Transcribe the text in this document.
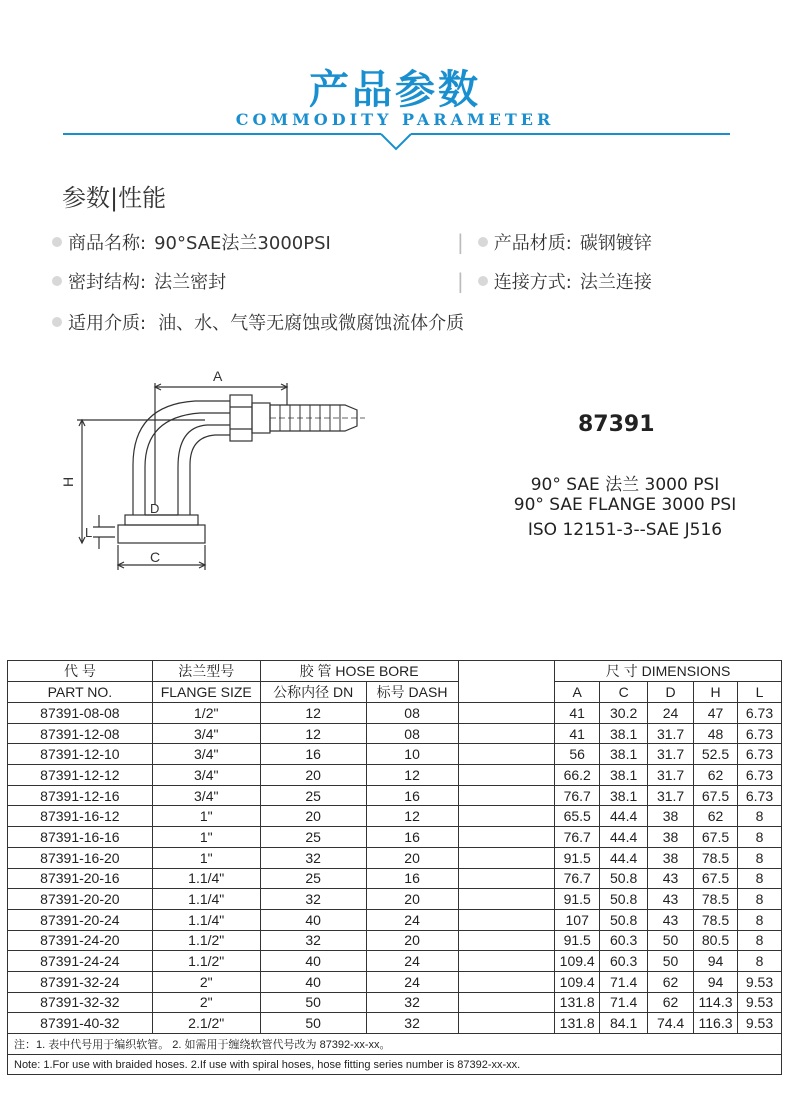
产品参数
COMMODITY PARAMETER
参数|性能
商品名称: 90°SAE法兰3000PSI	| 产品材质: 碳钢镀锌
密封结构: 法兰密封	| 连接方式: 法兰连接
适用介质: 油、水、气等无腐蚀或微腐蚀流体介质
A
H
L
D
C
87391
90° SAE 法兰 3000 PSI
90° SAE FLANGE 3000 PSI
ISO 12151-3--SAE J516
代 号	法兰型号	胶 管 HOSE BORE			尺 寸 DIMENSIONS				
PART NO.	FLANGE SIZE	公称内径 DN	标号 DASH		A	C	D	H	L
87391-08-08	1/2"	12	08		41	30.2	24	47	6.73
87391-12-08	3/4"	12	08		41	38.1	31.7	48	6.73
87391-12-10	3/4"	16	10		56	38.1	31.7	52.5	6.73
87391-12-12	3/4"	20	12		66.2	38.1	31.7	62	6.73
87391-12-16	3/4"	25	16		76.7	38.1	31.7	67.5	6.73
87391-16-12	1"	20	12		65.5	44.4	38	62	8
87391-16-16	1"	25	16		76.7	44.4	38	67.5	8
87391-16-20	1"	32	20		91.5	44.4	38	78.5	8
87391-20-16	1.1/4"	25	16		76.7	50.8	43	67.5	8
87391-20-20	1.1/4"	32	20		91.5	50.8	43	78.5	8
87391-20-24	1.1/4"	40	24		107	50.8	43	78.5	8
87391-24-20	1.1/2"	32	20		91.5	60.3	50	80.5	8
87391-24-24	1.1/2"	40	24		109.4	60.3	50	94	8
87391-32-24	2"	40	24		109.4	71.4	62	94	9.53
87391-32-32	2"	50	32		131.8	71.4	62	114.3	9.53
87391-40-32	2.1/2"	50	32		131.8	84.1	74.4	116.3	9.53
注：1. 表中代号用于编织软管。 2. 如需用于缠绕软管代号改为 87392-xx-xx。									
Note: 1.For use with braided hoses. 2.If use with spiral hoses, hose fitting series number is 87392-xx-xx.									
